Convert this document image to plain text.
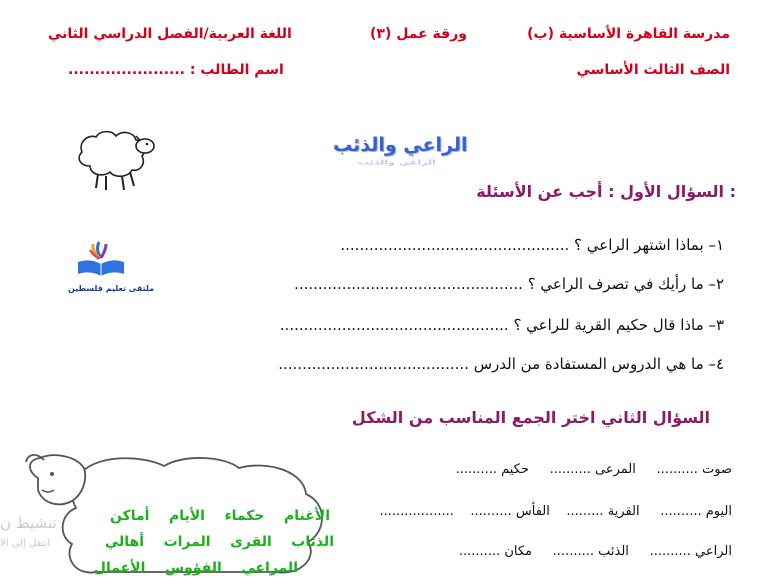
مدرسة القاهرة الأساسية (ب)
ورقة عمل (٣)
اللغة العربية/الفصل الدراسي الثاني
الصف الثالث الأساسي
اسم الطالب : ......................
الراعي والذئب
الراعي والذئب
ملتقى تعليم فلسطين
السؤال الأول : أجب عن الأسئلة :
١– بماذا اشتهر الراعي ؟ ................................................
٢– ما رأيك في تصرف الراعي ؟ ................................................
٣– ماذا قال حكيم القرية للراعي ؟ ................................................
٤– ما هي الدروس المستفادة من الدرس ........................................
السؤال الثاني اختر الجمع المناسب من الشكل
الأغنام    حكماء    الأيام    أماكن
الذئاب    القرى    المرات    أهالي
المراعي    الفؤوس    الأعمال
صوت ..........     المرعى ..........     حكيم ..........
اليوم ..........     القرية .........    الفأس ..........    ..................
الراعي ..........     الذئب ..........     مكان ..........
تنشيط ن
انتقل إلى الا
